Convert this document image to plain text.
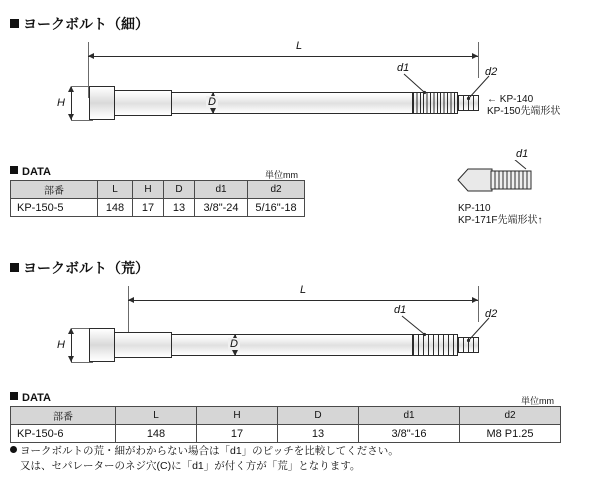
ヨークボルト（細）
L
H	D
d1	d2
← KP-140
KP-150先端形状
d1
KP-110
KP-171F先端形状↑
DATA	単位mm
部番	L	H	D	d1	d2
KP-150-5	148	17	13	3/8"-24	5/16"-18
ヨークボルト（荒）
L
H	D
d1	d2
DATA	単位mm
部番	L	H	D	d1	d2
KP-150-6	148	17	13	3/8"-16	M8 P1.25
ヨークボルトの荒・細がわからない場合は「d1」のピッチを比較してください。
又は、セパレーターのネジ穴(C)に「d1」が付く方が「荒」となります。
